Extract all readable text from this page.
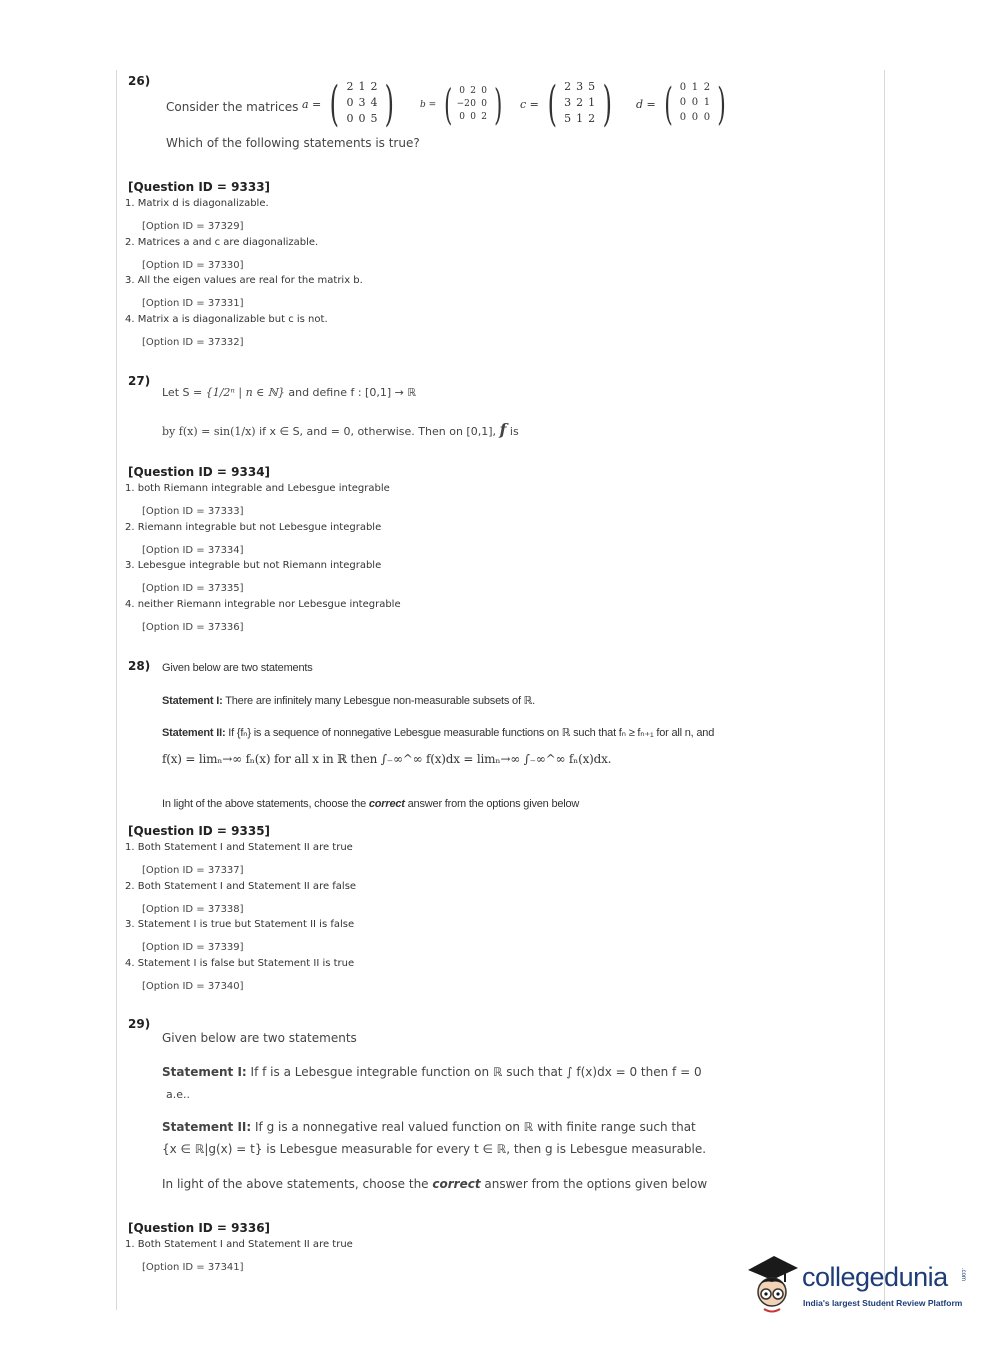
26)
Consider the matrices a = ( 2 1 2
0 3 4
0 0 5 )	b = ( 0 2 0
−2 0 0
0 0 2 ) c = ( 2 3 5
3 2 1
5 1 2 ) d = ( 0 1 2
0 0 1
0 0 0 )
Which of the following statements is true?
[Question ID = 9333]
1. Matrix d is diagonalizable.
[Option ID = 37329]
2. Matrices a and c are diagonalizable.
[Option ID = 37330]
3. All the eigen values are real for the matrix b.
[Option ID = 37331]
4. Matrix a is diagonalizable but c is not.
[Option ID = 37332]
27)
Let S = {1/2ⁿ | n ∈ ℕ} and define f : [0,1] → ℝ
by f(x) = sin(1/x) if x ∈ S, and = 0, otherwise. Then on [0,1], f is
[Question ID = 9334]
1. both Riemann integrable and Lebesgue integrable
[Option ID = 37333]
2. Riemann integrable but not Lebesgue integrable
[Option ID = 37334]
3. Lebesgue integrable but not Riemann integrable
[Option ID = 37335]
4. neither Riemann integrable nor Lebesgue integrable
[Option ID = 37336]
28) Given below are two statements
Statement I: There are infinitely many Lebesgue non-measurable subsets of ℝ.
Statement II: If {fₙ} is a sequence of nonnegative Lebesgue measurable functions on ℝ such that fₙ ≥ fₙ₊₁ for all n, and
f(x) = limₙ→∞ fₙ(x) for all x in ℝ then ∫₋∞^∞ f(x)dx = limₙ→∞ ∫₋∞^∞ fₙ(x)dx.
In light of the above statements, choose the correct answer from the options given below
[Question ID = 9335]
1. Both Statement I and Statement II are true
[Option ID = 37337]
2. Both Statement I and Statement II are false
[Option ID = 37338]
3. Statement I is true but Statement II is false
[Option ID = 37339]
4. Statement I is false but Statement II is true
[Option ID = 37340]
29)
Given below are two statements
Statement I: If f is a Lebesgue integrable function on ℝ such that ∫ f(x)dx = 0 then f = 0
a.e..
Statement II: If g is a nonnegative real valued function on ℝ with finite range such that
{x ∈ ℝ|g(x) = t} is Lebesgue measurable for every t ∈ ℝ, then g is Lebesgue measurable.
In light of the above statements, choose the correct answer from the options given below
[Question ID = 9336]
1. Both Statement I and Statement II are true
[Option ID = 37341]	collegedunia .com
India's largest Student Review Platform
